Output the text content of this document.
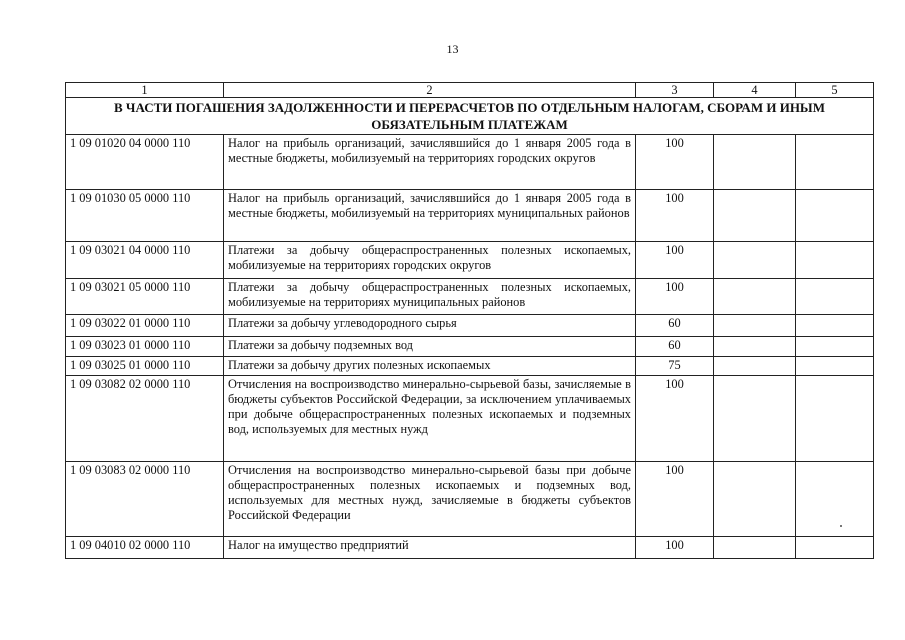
13
1	2	3	4	5
В ЧАСТИ ПОГАШЕНИЯ ЗАДОЛЖЕННОСТИ И ПЕРЕРАСЧЕТОВ ПО ОТДЕЛЬНЫМ НАЛОГАМ, СБОРАМ И ИНЫМ ОБЯЗАТЕЛЬНЫМ ПЛАТЕЖАМ				
1 09 01020 04 0000 110	Налог на прибыль организаций, зачислявшийся до 1 января 2005 года в местные бюджеты, мобилизуемый на территориях городских округов	100		
1 09 01030 05 0000 110	Налог на прибыль организаций, зачислявшийся до 1 января 2005 года в местные бюджеты, мобилизуемый на территориях муниципальных районов	100		
1 09 03021 04 0000 110	Платежи за добычу общераспространенных полезных ископаемых, мобилизуемые на территориях городских округов	100		
1 09 03021 05 0000 110	Платежи за добычу общераспространенных полезных ископаемых, мобилизуемые на территориях муниципальных районов	100		
1 09 03022 01 0000 110	Платежи за добычу углеводородного сырья	60		
1 09 03023 01 0000 110	Платежи за добычу подземных вод	60		
1 09 03025 01 0000 110	Платежи за добычу других полезных ископаемых	75		
1 09 03082 02 0000 110	Отчисления на воспроизводство минерально-сырьевой базы, зачисляемые в бюджеты субъектов Российской Федерации, за исключением уплачиваемых при добыче общераспространенных полезных ископаемых и подземных вод, используемых для местных нужд	100		
1 09 03083 02 0000 110	Отчисления на воспроизводство минерально-сырьевой базы при добыче общераспространенных полезных ископаемых и подземных вод, используемых для местных нужд, зачисляемые в бюджеты субъектов Российской Федерации	100		
1 09 04010 02 0000 110	Налог на имущество предприятий	100		
